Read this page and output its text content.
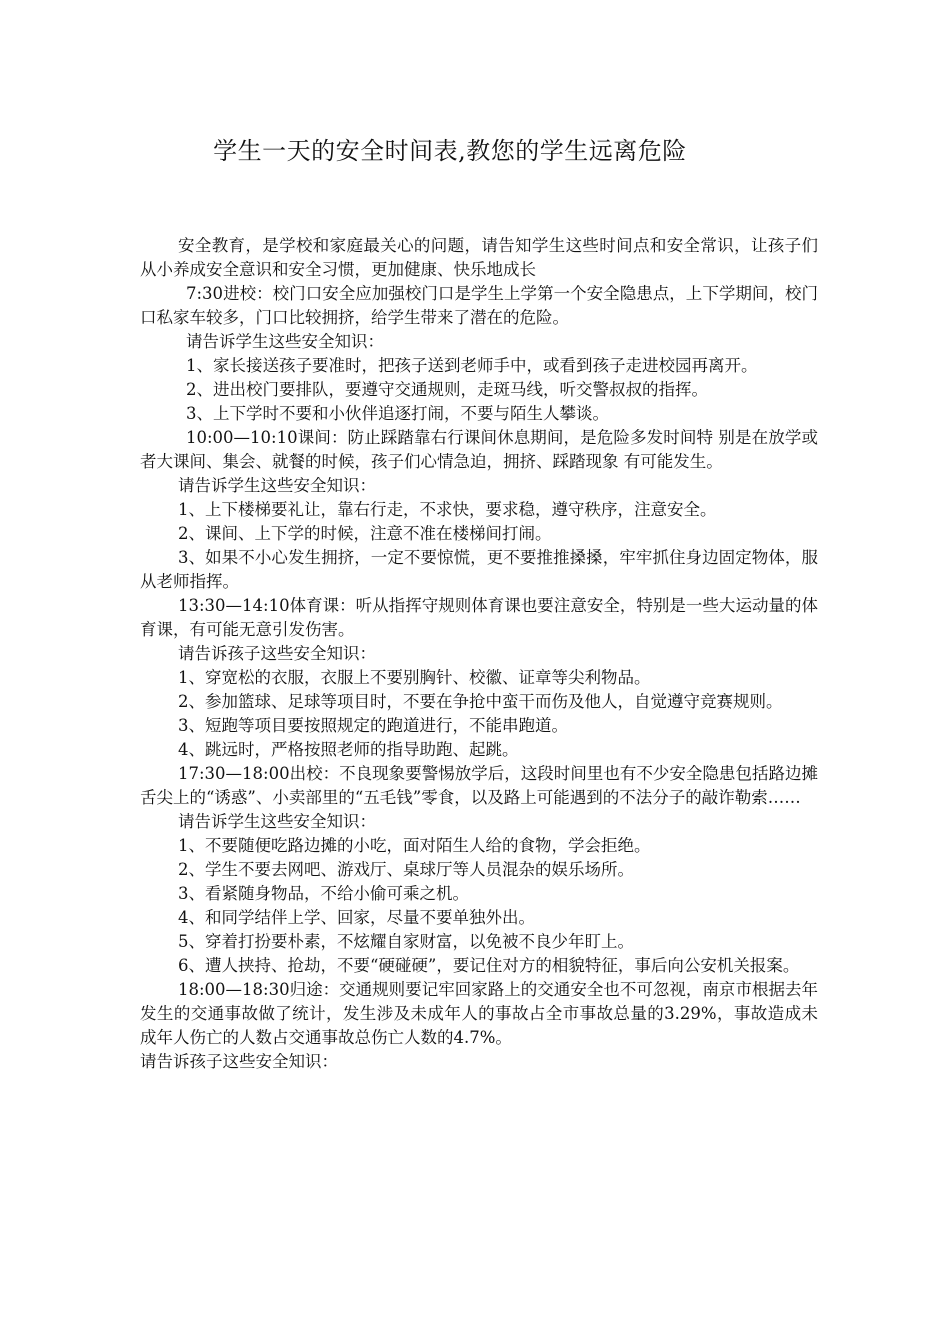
学生一天的安全时间表,教您的学生远离危险

安全教育，是学校和家庭最关心的问题，请告知学生这些时间点和安全常识，让孩子们从小养成安全意识和安全习惯，更加健康、快乐地成长

7:30进校：校门口安全应加强校门口是学生上学第一个安全隐患点，上下学期间，校门口私家车较多，门口比较拥挤，给学生带来了潜在的危险。

请告诉学生这些安全知识：

1、家长接送孩子要准时，把孩子送到老师手中，或看到孩子走进校园再离开。

2、进出校门要排队，要遵守交通规则，走斑马线，听交警叔叔的指挥。

3、上下学时不要和小伙伴追逐打闹，不要与陌生人攀谈。

10:00—10:10课间：防止踩踏靠右行课间休息期间，是危险多发时间特 别是在放学或者大课间、集会、就餐的时候，孩子们心情急迫，拥挤、踩踏现象 有可能发生。

请告诉学生这些安全知识：

1、上下楼梯要礼让，靠右行走，不求快，要求稳，遵守秩序，注意安全。

2、课间、上下学的时候，注意不准在楼梯间打闹。

3、如果不小心发生拥挤，一定不要惊慌，更不要推推搡搡，牢牢抓住身边固定物体，服从老师指挥。

13:30—14:10体育课：听从指挥守规则体育课也要注意安全，特别是一些大运动量的体育课，有可能无意引发伤害。

请告诉孩子这些安全知识：

1、穿宽松的衣服，衣服上不要别胸针、校徽、证章等尖利物品。

2、参加篮球、足球等项目时，不要在争抢中蛮干而伤及他人，自觉遵守竞赛规则。

3、短跑等项目要按照规定的跑道进行，不能串跑道。

4、跳远时，严格按照老师的指导助跑、起跳。

17:30—18:00出校：不良现象要警惕放学后，这段时间里也有不少安全隐患包括路边摊舌尖上的“诱惑”、小卖部里的“五毛钱”零食，以及路上可能遇到的不法分子的敲诈勒索……

请告诉学生这些安全知识：

1、不要随便吃路边摊的小吃，面对陌生人给的食物，学会拒绝。

2、学生不要去网吧、游戏厅、桌球厅等人员混杂的娱乐场所。

3、看紧随身物品，不给小偷可乘之机。

4、和同学结伴上学、回家，尽量不要单独外出。

5、穿着打扮要朴素，不炫耀自家财富，以免被不良少年盯上。

6、遭人挟持、抢劫，不要“硬碰硬”，要记住对方的相貌特征，事后向公安机关报案。

18:00—18:30归途：交通规则要记牢回家路上的交通安全也不可忽视，南京市根据去年发生的交通事故做了统计，发生涉及未成年人的事故占全市事故总量的3.29%，事故造成未成年人伤亡的人数占交通事故总伤亡人数的4.7%。

请告诉孩子这些安全知识：
